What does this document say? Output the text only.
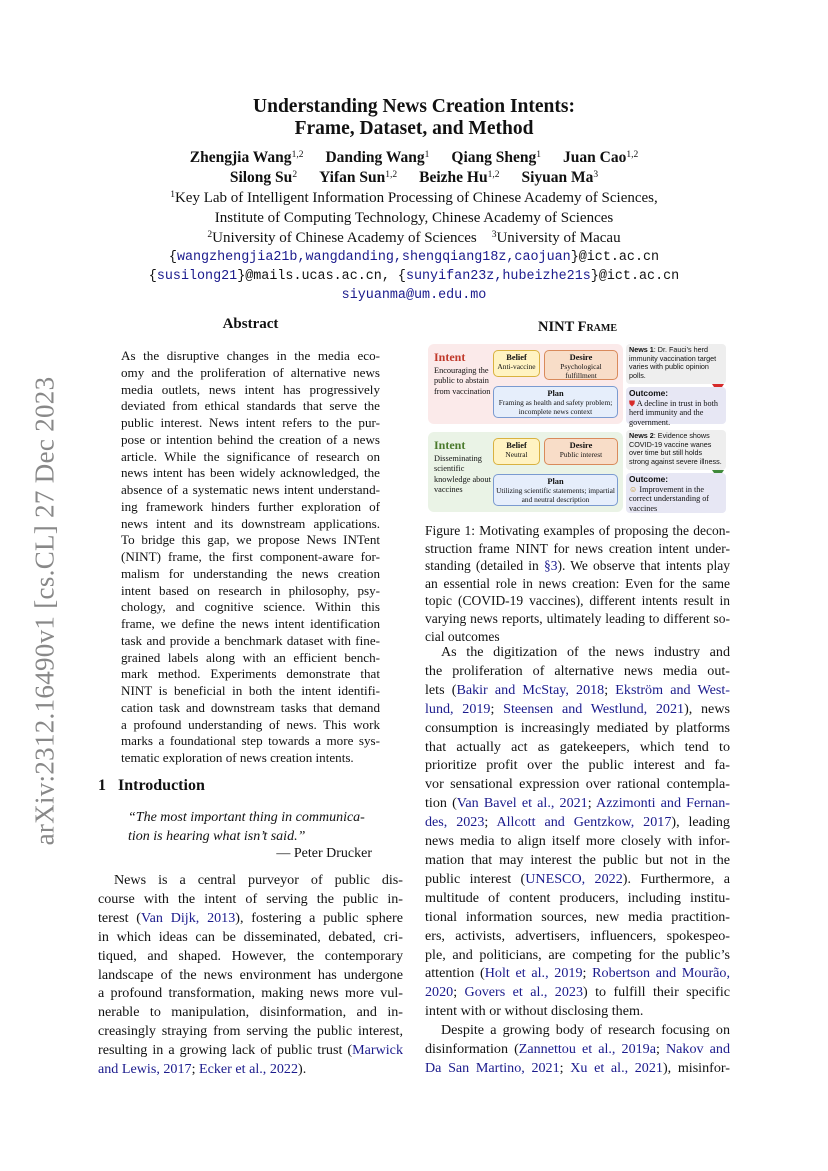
Understanding News Creation Intents:
Frame, Dataset, and Method
Zhengjia Wang$^{1,2}$ Danding Wang$^1$ Qiang Sheng$^1$ Juan Cao$^{1,2}$
Silong Su$^2$ Yifan Sun$^{1,2}$ Beizhe Hu$^{1,2}$ Siyuan Ma$^3$
$^1$Key Lab of Intelligent Information Processing of Chinese Academy of Sciences,
Institute of Computing Technology, Chinese Academy of Sciences
$^2$University of Chinese Academy of Sciences $^3$University of Macau
{wangzhengjia21b,wangdanding,shengqiang18z,caojuan}@ict.ac.cn
{susilong21}@mails.ucas.ac.cn, {sunyifan23z,hubeizhe21s}@ict.ac.cn
siyuanma@um.edu.mo
arXiv:2312.16490v1 [cs.CL] 27 Dec 2023
Abstract
As the disruptive changes in the media eco-
omy and the proliferation of alternative news
media outlets, news intent has progressively
deviated from ethical standards that serve the
public interest. News intent refers to the pur-
pose or intention behind the creation of a news
article. While the significance of research on
news intent has been widely acknowledged, the
absence of a systematic news intent understand-
ing framework hinders further exploration of
news intent and its downstream applications.
To bridge this gap, we propose News INTent
(NINT) frame, the first component-aware for-
malism for understanding the news creation
intent based on research in philosophy, psy-
chology, and cognitive science. Within this
frame, we define the news intent identification
task and provide a benchmark dataset with fine-
grained labels along with an efficient bench-
mark method. Experiments demonstrate that
NINT is beneficial in both the intent identifi-
cation task and downstream tasks that demand
a profound understanding of news. This work
marks a foundational step towards a more sys-
tematic exploration of news creation intents.
1 Introduction
“The most important thing in communica-
tion is hearing what isn’t said.”
— Peter Drucker
News is a central purveyor of public dis-
course with the intent of serving the public in-
terest (Van Dijk, 2013), fostering a public sphere
in which ideas can be disseminated, debated, cri-
tiqued, and shaped. However, the contemporary
landscape of the news environment has undergone
a profound transformation, making news more vul-
nerable to manipulation, disinformation, and in-
creasingly straying from serving the public interest,
resulting in a growing lack of public trust (Marwick
and Lewis, 2017; Ecker et al., 2022).
As the digitization of the news industry and
the proliferation of alternative news media out-
lets (Bakir and McStay, 2018; Ekström and West-
lund, 2019; Steensen and Westlund, 2021), news
consumption is increasingly mediated by platforms
that actually act as gatekeepers, which tend to
prioritize profit over the public interest and fa-
vor sensational expression over rational contempla-
tion (Van Bavel et al., 2021; Azzimonti and Fernan-
des, 2023; Allcott and Gentzkow, 2017), leading
news media to align itself more closely with infor-
mation that may interest the public but not in the
public interest (UNESCO, 2022). Furthermore, a
multitude of content producers, including institu-
tional information sources, new media practition-
ers, activists, advertisers, influencers, spokespeo-
ple, and politicians, are competing for the public’s
attention (Holt et al., 2019; Robertson and Mourão,
2020; Govers et al., 2023) to fulfill their specific
intent with or without disclosing them.
Despite a growing body of research focusing on
disinformation (Zannettou et al., 2019a; Nakov and
Da San Martino, 2021; Xu et al., 2021), misinfor-
NINT Frame
Intent
Encouraging the public to abstain from vaccination
Belief
Anti-vaccine
Desire
Psychological fulfillment
Plan
Framing as health and safety problem; incomplete news context
News 1: Dr. Fauci’s herd immunity vaccination target varies with public opinion polls.
Outcome:
⛊ A decline in trust in both herd immunity and the government.
Intent
Disseminating scientific knowledge about vaccines
Belief
Neutral
Desire
Public interest
Plan
Utilizing scientific statements; impartial and neutral description
News 2: Evidence shows COVID-19 vaccine wanes over time but still holds strong against severe illness.
Outcome:
☺ Improvement in the correct understanding of vaccines
Figure 1: Motivating examples of proposing the decon-
struction frame NINT for news creation intent under-
standing (detailed in §3). We observe that intents play
an essential role in news creation: Even for the same
topic (COVID-19 vaccines), different intents result in
varying news reports, ultimately leading to different so-
cial outcomes
